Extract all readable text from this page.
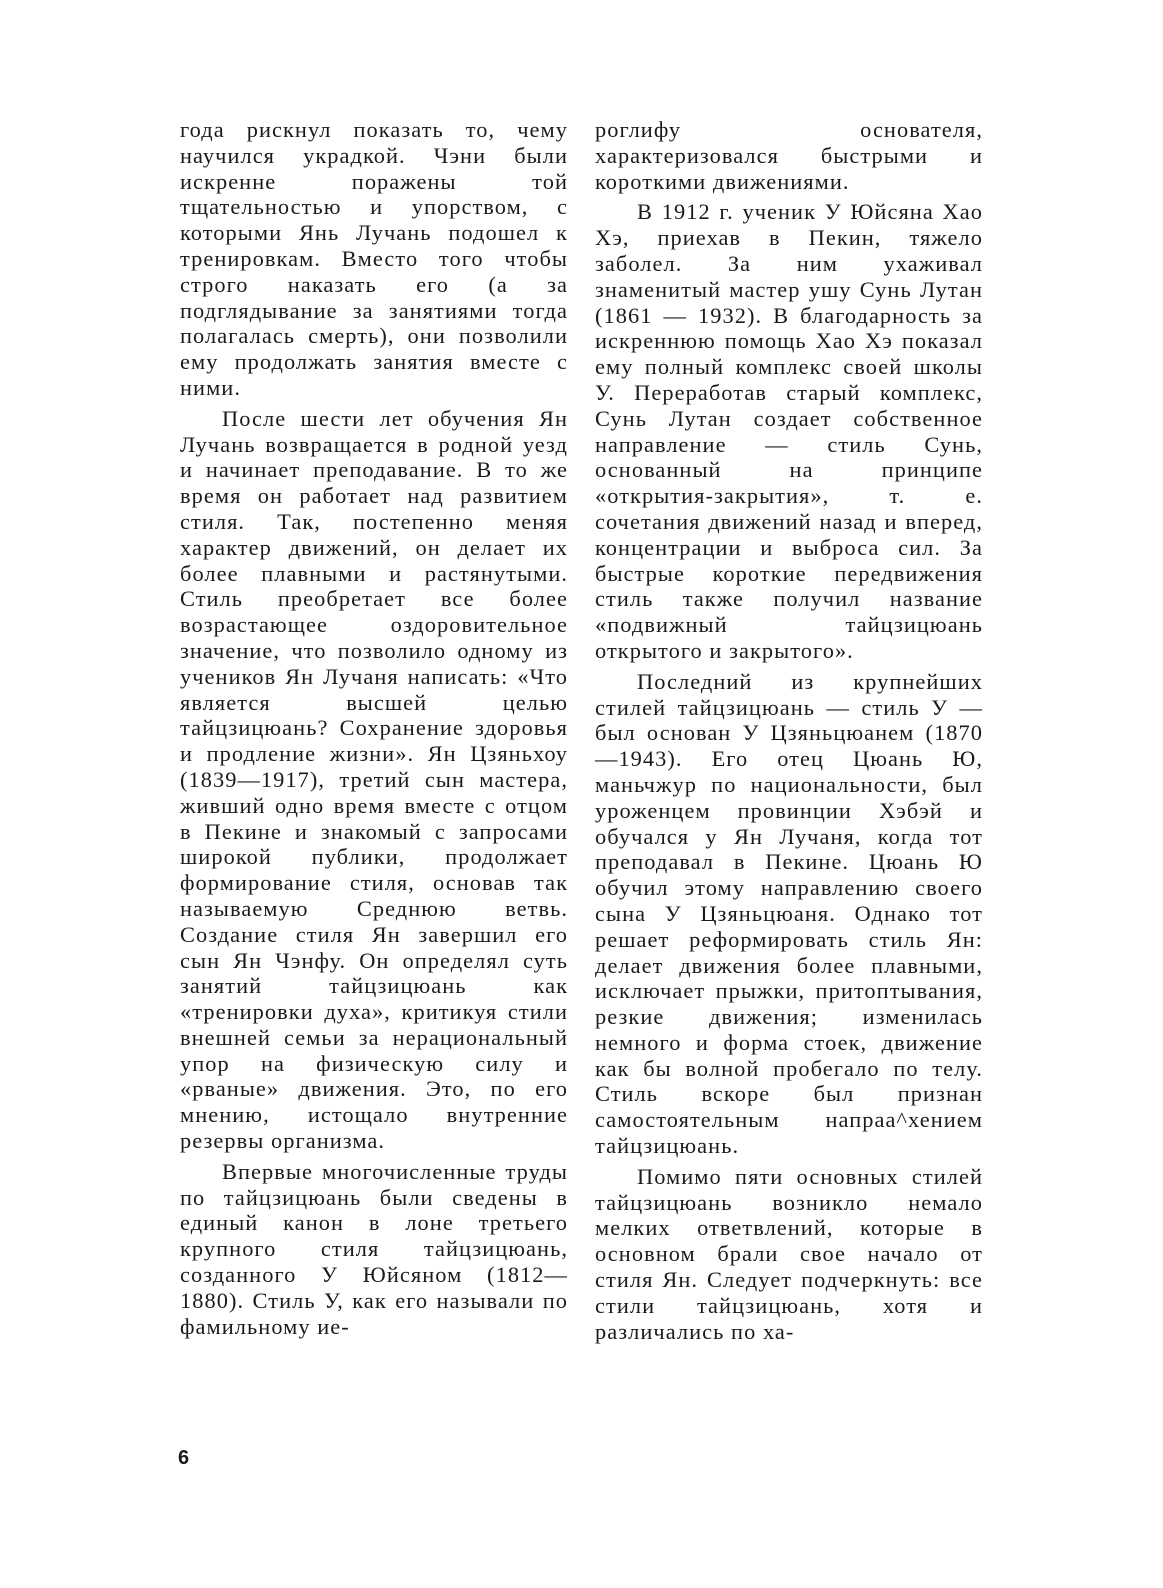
года рискнул показать то, чему научился украдкой. Чэни были искренне поражены той тщательностью и упорством, с которыми Янь Лучань подошел к тренировкам. Вместо того чтобы строго наказать его (а за подглядывание за занятиями тогда полагалась смерть), они позволили ему продолжать занятия вместе с ними.

После шести лет обучения Ян Лучань возвращается в родной уезд и начинает преподавание. В то же время он работает над развитием стиля. Так, постепенно меняя характер движений, он делает их более плавными и растянутыми. Стиль преобретает все более возрастающее оздоровительное значение, что позволило одному из учеников Ян Лучаня написать: «Что является высшей целью тайцзицюань? Сохранение здоровья и продление жизни». Ян Цзяньхоу (1839—1917), третий сын мастера, живший одно время вместе с отцом в Пекине и знакомый с запросами широкой публики, продолжает формирование стиля, основав так называемую Среднюю ветвь. Создание стиля Ян завершил его сын Ян Чэнфу. Он определял суть занятий тайцзицюань как «тренировки духа», критикуя стили внешней семьи за нерациональный упор на физическую силу и «рваные» движения. Это, по его мнению, истощало внутренние резервы организма.

Впервые многочисленные труды по тайцзицюань были сведены в единый канон в лоне третьего крупного стиля тайцзицюань, созданного У Юйсяном (1812—1880). Стиль У, как его называли по фамильному ие-

роглифу основателя, характеризовался быстрыми и короткими движениями.

В 1912 г. ученик У Юйсяна Хао Хэ, приехав в Пекин, тяжело заболел. За ним ухаживал знаменитый мастер ушу Сунь Лутан (1861 — 1932). В благодарность за искреннюю помощь Хао Хэ показал ему полный комплекс своей школы У. Переработав старый комплекс, Сунь Лутан создает собственное направление — стиль Сунь, основанный на принципе «открытия-закрытия», т. е. сочетания движений назад и вперед, концентрации и выброса сил. За быстрые короткие передвижения стиль также получил название «подвижный тайцзицюань открытого и закрытого».

Последний из крупнейших стилей тайцзицюань — стиль У — был основан У Цзяньцюанем (1870—1943). Его отец Цюань Ю, маньчжур по национальности, был уроженцем провинции Хэбэй и обучался у Ян Лучаня, когда тот преподавал в Пекине. Цюань Ю обучил этому направлению своего сына У Цзяньцюаня. Однако тот решает реформировать стиль Ян: делает движения более плавными, исключает прыжки, притоптывания, резкие движения; изменилась немного и форма стоек, движение как бы волной пробегало по телу. Стиль вскоре был признан самостоятельным напраа^хением тайцзицюань.

Помимо пяти основных стилей тайцзицюань возникло немало мелких ответвлений, которые в основном брали свое начало от стиля Ян. Следует подчеркнуть: все стили тайцзицюань, хотя и различались по ха-

6
